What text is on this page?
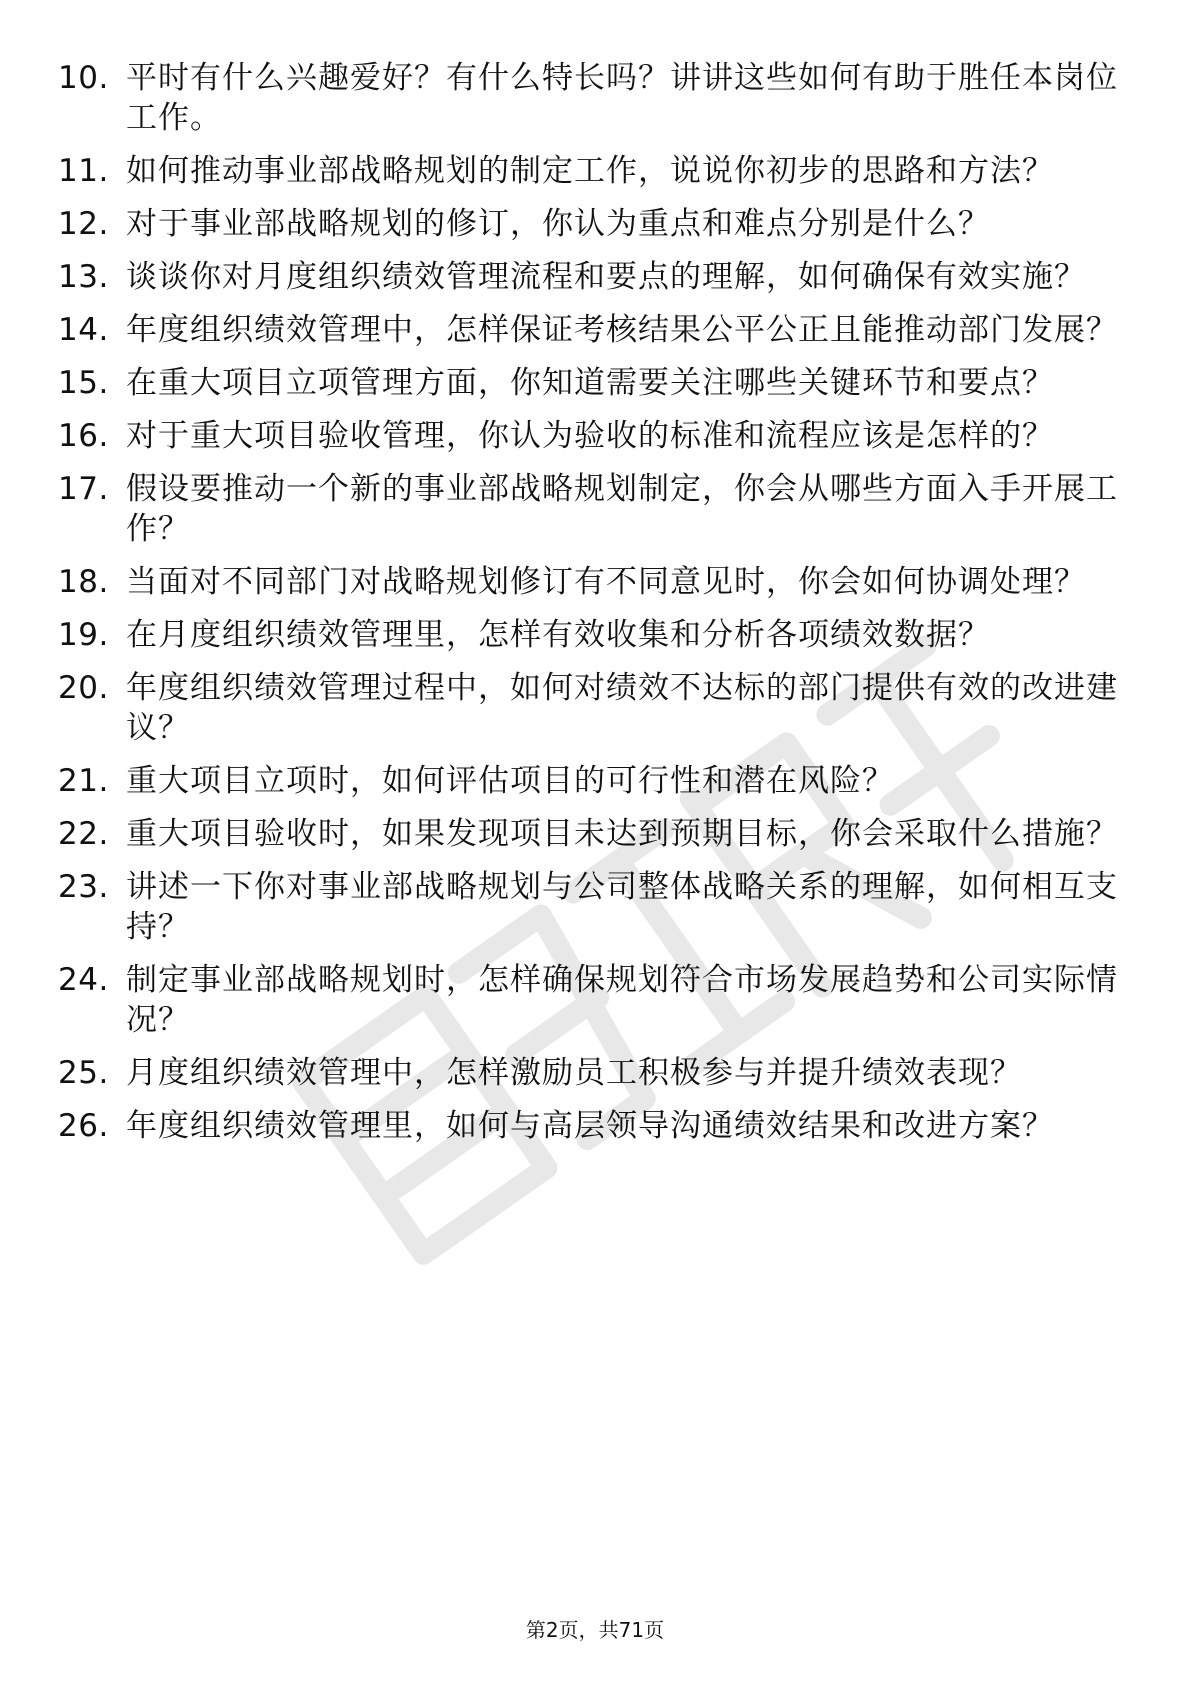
10. 平时有什么兴趣爱好？有什么特长吗？讲讲这些如何有助于胜任本岗位工作。
11. 如何推动事业部战略规划的制定工作，说说你初步的思路和方法？
12. 对于事业部战略规划的修订，你认为重点和难点分别是什么？
13. 谈谈你对月度组织绩效管理流程和要点的理解，如何确保有效实施？
14. 年度组织绩效管理中，怎样保证考核结果公平公正且能推动部门发展？
15. 在重大项目立项管理方面，你知道需要关注哪些关键环节和要点？
16. 对于重大项目验收管理，你认为验收的标准和流程应该是怎样的？
17. 假设要推动一个新的事业部战略规划制定，你会从哪些方面入手开展工作？
18. 当面对不同部门对战略规划修订有不同意见时，你会如何协调处理？
19. 在月度组织绩效管理里，怎样有效收集和分析各项绩效数据？
20. 年度组织绩效管理过程中，如何对绩效不达标的部门提供有效的改进建议？
21. 重大项目立项时，如何评估项目的可行性和潜在风险？
22. 重大项目验收时，如果发现项目未达到预期目标，你会采取什么措施？
23. 讲述一下你对事业部战略规划与公司整体战略关系的理解，如何相互支持？
24. 制定事业部战略规划时，怎样确保规划符合市场发展趋势和公司实际情况？
25. 月度组织绩效管理中，怎样激励员工积极参与并提升绩效表现？
26. 年度组织绩效管理里，如何与高层领导沟通绩效结果和改进方案？
第2页，共71页
